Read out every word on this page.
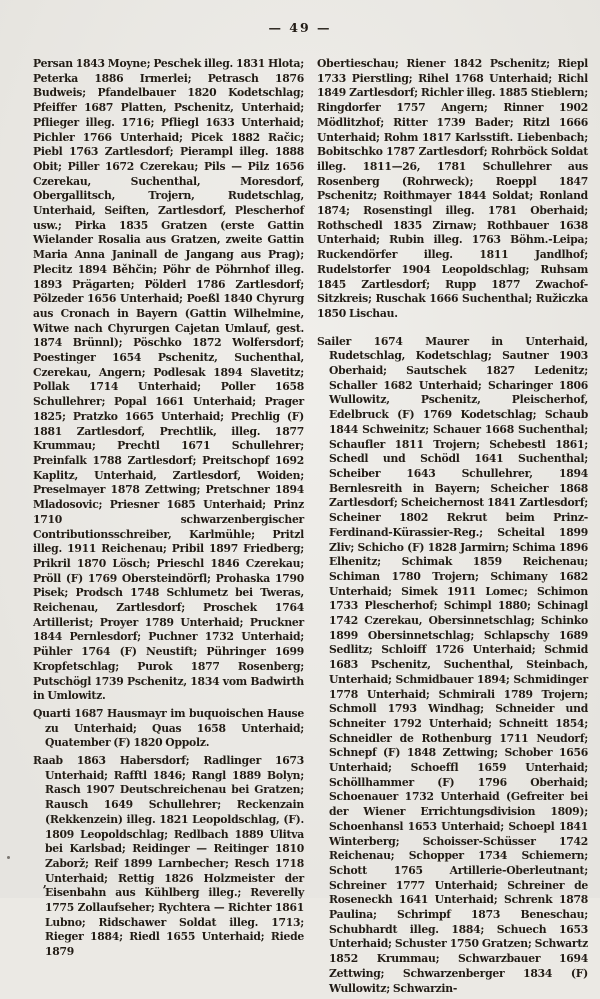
— 49 —

Persan 1843 Moyne; Peschek illeg. 1831 Hlota; Peterka 1886 Irmerlei; Petrasch 1876 Budweis; Pfandelbauer 1820 Kodetschlag; Pfeiffer 1687 Platten, Pschenitz, Unterhaid; Pflieger illeg. 1716; Pfliegl 1633 Unterhaid; Pichler 1766 Unterhaid; Picek 1882 Račic; Piebl 1763 Zartlesdorf; Pierampl illeg. 1888 Obit; Piller 1672 Czerekau; Pils — Pilz 1656 Czerekau, Suchenthal, Moresdorf, Obergallitsch, Trojern, Rudetschlag, Unterhaid, Seiften, Zartlesdorf, Plescherhof usw.; Pirka 1835 Gratzen (erste Gattin Wielander Rosalia aus Gratzen, zweite Gattin Maria Anna Janinall de Jangang aus Prag); Plecitz 1894 Běhčin; Pöhr de Pöhrnhof illeg. 1893 Prägarten; Pölderl 1786 Zartlesdorf; Pölzeder 1656 Unterhaid; Poeßl 1840 Chyrurg aus Cronach in Bayern (Gattin Wilhelmine, Witwe nach Chyrurgen Cajetan Umlauf, gest. 1874 Brünnl); Pöschko 1872 Wolfersdorf; Poestinger 1654 Pschenitz, Suchenthal, Czerekau, Angern; Podlesak 1894 Slavetitz; Pollak 1714 Unterhaid; Poller 1658 Schullehrer; Popal 1661 Unterhaid; Prager 1825; Pratzko 1665 Unterhaid; Prechlig (F) 1881 Zartlesdorf, Prechtlik, illeg. 1877 Krummau; Prechtl 1671 Schullehrer; Preinfalk 1788 Zartlesdorf; Preitschopf 1692 Kaplitz, Unterhaid, Zartlesdorf, Woiden; Preselmayer 1878 Zettwing; Pretschner 1894 Mladosovic; Priesner 1685 Unterhaid; Prinz 1710 schwarzenbergischer Contributionsschreiber, Karlmühle; Pritzl illeg. 1911 Reichenau; Pribil 1897 Friedberg; Prikril 1870 Lösch; Prieschl 1846 Czerekau; Pröll (F) 1769 Obersteindörfl; Prohaska 1790 Pisek; Prodsch 1748 Schlumetz bei Tweras, Reichenau, Zartlesdorf; Proschek 1764 Artillerist; Proyer 1789 Unterhaid; Pruckner 1844 Pernlesdorf; Puchner 1732 Unterhaid; Pühler 1764 (F) Neustift; Pühringer 1699 Kropfetschlag; Purok 1877 Rosenberg; Putschögl 1739 Pschenitz, 1834 vom Badwirth in Umlowitz.

Quarti 1687 Hausmayr im buquoischen Hause zu Unterhaid; Quas 1658 Unterhaid; Quatember (F) 1820 Oppolz.

Raab 1863 Habersdorf; Radlinger 1673 Unterhaid; Rafftl 1846; Rangl 1889 Bolyn; Rasch 1907 Deutschreichenau bei Gratzen; Rausch 1649 Schullehrer; Reckenzain (Rekkenzein) illeg. 1821 Leopoldschlag, (F). 1809 Leopoldschlag; Redlbach 1889 Ulitva bei Karlsbad; Reidinger — Reitinger 1810 Zaborž; Reif 1899 Larnbecher; Resch 1718 Unterhaid; Rettig 1826 Holzmeister der Eisenbahn aus Kühlberg illeg.; Reverelly 1775 Zollaufseher; Rychtera — Richter 1861 Lubno; Ridschawer Soldat illeg. 1713; Rieger 1884; Riedl 1655 Unterhaid; Riede 1879

Obertieschau; Riener 1842 Pschenitz; Riepl 1733 Pierstling; Rihel 1768 Unterhaid; Richl 1849 Zartlesdorf; Richler illeg. 1885 Stieblern; Ringdorfer 1757 Angern; Rinner 1902 Mödlitzhof; Ritter 1739 Bader; Ritzl 1666 Unterhaid; Rohm 1817 Karlsstift. Liebenbach; Bobitschko 1787 Zartlesdorf; Rohrböck Soldat illeg. 1811—26, 1781 Schullehrer aus Rosenberg (Rohrweck); Roeppl 1847 Pschenitz; Roithmayer 1844 Soldat; Ronland 1874; Rosenstingl illeg. 1781 Oberhaid; Rothschedl 1835 Zirnaw; Rothbauer 1638 Unterhaid; Rubin illeg. 1763 Böhm.-Leipa; Ruckendörfer illeg. 1811 Jandlhof; Rudelstorfer 1904 Leopoldschlag; Ruhsam 1845 Zartlesdorf; Rupp 1877 Zwachof-Sitzkreis; Ruschak 1666 Suchenthal; Ružiczka 1850 Lischau.

Sailer 1674 Maurer in Unterhaid, Rudetschlag, Kodetschlag; Sautner 1903 Oberhaid; Sautschek 1827 Ledenitz; Schaller 1682 Unterhaid; Scharinger 1806 Wullowitz, Pschenitz, Pleischerhof, Edelbruck (F) 1769 Kodetschlag; Schaub 1844 Schweinitz; Schauer 1668 Suchenthal; Schaufler 1811 Trojern; Schebestl 1861; Schedl und Schödl 1641 Suchenthal; Scheiber 1643 Schullehrer, 1894 Bernlesreith in Bayern; Scheicher 1868 Zartlesdorf; Scheichernost 1841 Zartlesdorf; Scheiner 1802 Rekrut beim Prinz-Ferdinand-Kürassier-Reg.; Scheital 1899 Zliv; Schicho (F) 1828 Jarmirn; Schima 1896 Elhenitz; Schimak 1859 Reichenau; Schiman 1780 Trojern; Schimany 1682 Unterhaid; Simek 1911 Lomec; Schimon 1733 Plescherhof; Schimpl 1880; Schinagl 1742 Czerekau, Obersinnetschlag; Schinko 1899 Obersinnetschlag; Schlapschy 1689 Sedlitz; Schloiff 1726 Unterhaid; Schmid 1683 Pschenitz, Suchenthal, Steinbach, Unterhaid; Schmidbauer 1894; Schmidinger 1778 Unterhaid; Schmirali 1789 Trojern; Schmoll 1793 Windhag; Schneider und Schneiter 1792 Unterhaid; Schneitt 1854; Schneidler de Rothenburg 1711 Neudorf; Schnepf (F) 1848 Zettwing; Schober 1656 Unterhaid; Schoeffl 1659 Unterhaid; Schöllhammer (F) 1796 Oberhaid; Schoenauer 1732 Unterhaid (Gefreiter bei der Wiener Errichtungsdivision 1809); Schoenhansl 1653 Unterhaid; Schoepl 1841 Winterberg; Schoisser-Schüsser 1742 Reichenau; Schopper 1734 Schiemern; Schott 1765 Artillerie-Oberleutnant; Schreiner 1777 Unterhaid; Schreiner de Roseneckh 1641 Unterhaid; Schrenk 1878 Paulina; Schrimpf 1873 Beneschau; Schubhardt illeg. 1884; Schuech 1653 Unterhaid; Schuster 1750 Gratzen; Schwartz 1852 Krummau; Schwarzbauer 1694 Zettwing; Schwarzenberger 1834 (F) Wullowitz; Schwarzin-

,
